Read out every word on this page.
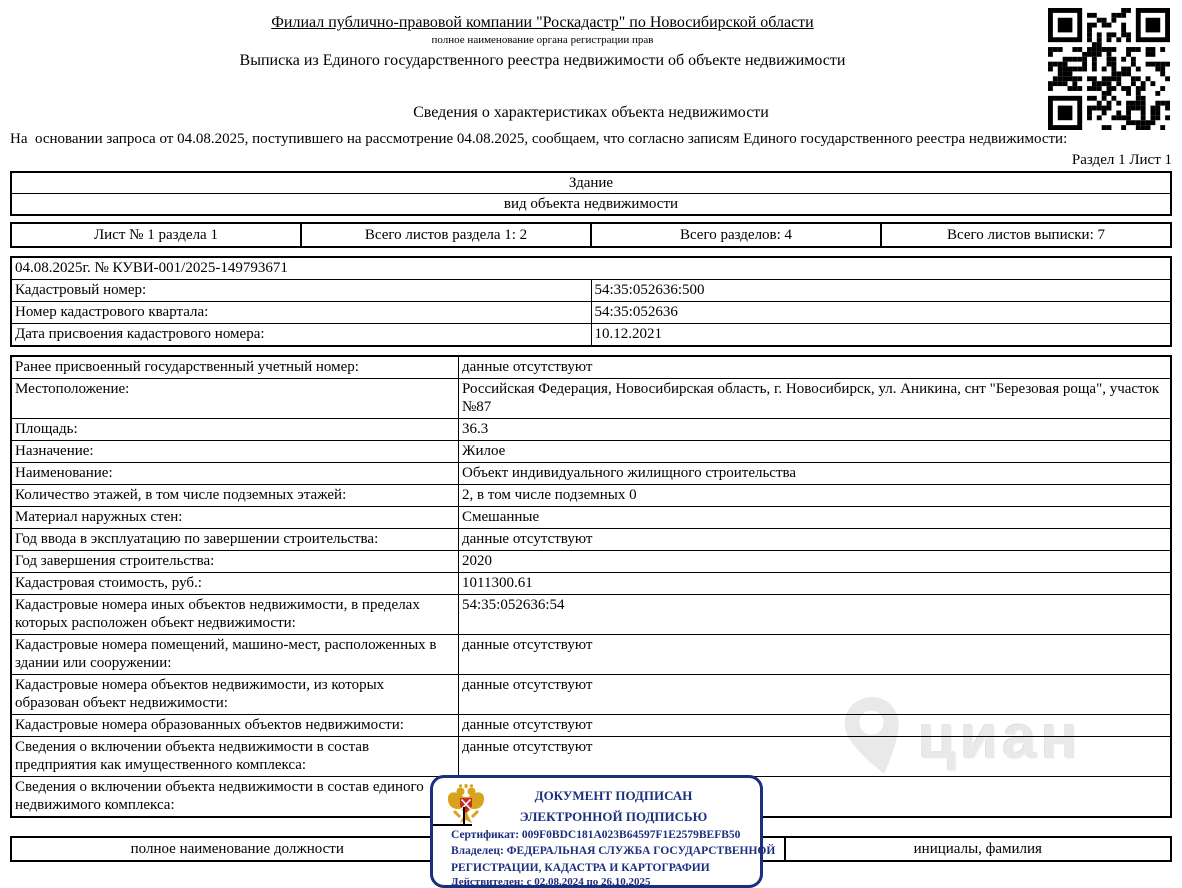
циан
Филиал публично-правовой компании "Роскадастр" по Новосибирской области
полное наименование органа регистрации прав
Выписка из Единого государственного реестра недвижимости об объекте недвижимости
Сведения о характеристиках объекта недвижимости
На  основании запроса от 04.08.2025, поступившего на рассмотрение 04.08.2025, сообщаем, что согласно записям Единого государственного реестра недвижимости:
Раздел 1 Лист 1
Здание
вид объекта недвижимости
Лист № 1 раздела 1	Всего листов раздела 1: 2	Всего разделов: 4	Всего листов выписки: 7
04.08.2025г. № КУВИ-001/2025-149793671	
Кадастровый номер:	54:35:052636:500
Номер кадастрового квартала:	54:35:052636
Дата присвоения кадастрового номера:	10.12.2021
Ранее присвоенный государственный учетный номер:	данные отсутствуют
Местоположение:	Российская Федерация, Новосибирская область, г. Новосибирск, ул. Аникина, снт "Березовая роща", участок №87
Площадь:	36.3
Назначение:	Жилое
Наименование:	Объект индивидуального жилищного строительства
Количество этажей, в том числе подземных этажей:	2, в том числе подземных 0
Материал наружных стен:	Смешанные
Год ввода в эксплуатацию по завершении строительства:	данные отсутствуют
Год завершения строительства:	2020
Кадастровая стоимость, руб.:	1011300.61
Кадастровые номера иных объектов недвижимости, в пределах которых расположен объект недвижимости:	54:35:052636:54
Кадастровые номера помещений, машино-мест, расположенных в здании или сооружении:	данные отсутствуют
Кадастровые номера объектов недвижимости, из которых образован объект недвижимости:	данные отсутствуют
Кадастровые номера образованных объектов недвижимости:	данные отсутствуют
Сведения о включении объекта недвижимости в состав предприятия как имущественного комплекса:	данные отсутствуют
Сведения о включении объекта недвижимости в состав единого недвижимого комплекса:	
полное наименование должности		инициалы, фамилия
ДОКУМЕНТ ПОДПИСАН
ЭЛЕКТРОННОЙ ПОДПИСЬЮ
Сертификат: 009F0BDC181A023B64597F1E2579BEFB50
Владелец: ФЕДЕРАЛЬНАЯ СЛУЖБА ГОСУДАРСТВЕННОЙ
РЕГИСТРАЦИИ, КАДАСТРА И КАРТОГРАФИИ
Действителен: с 02.08.2024 по 26.10.2025
